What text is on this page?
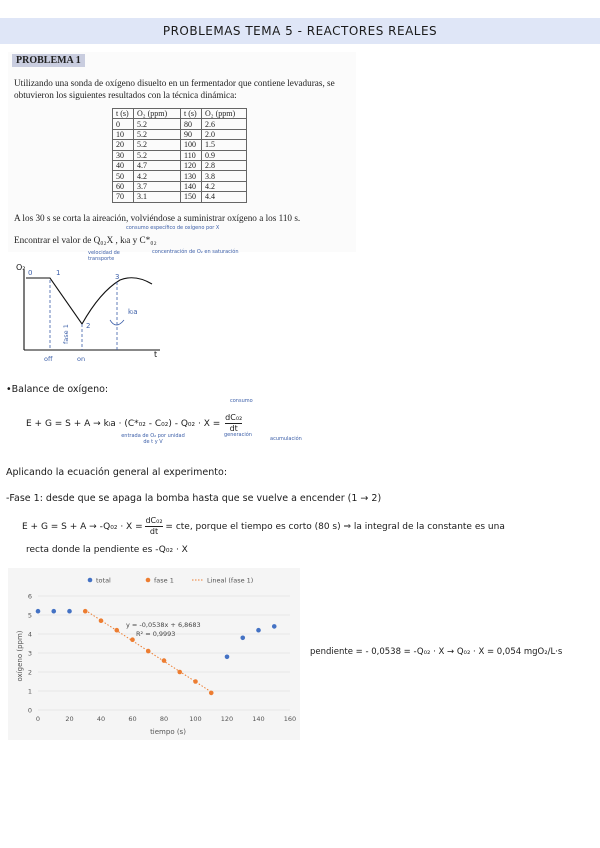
PROBLEMAS TEMA 5 - REACTORES REALES
PROBLEMA 1
Utilizando una sonda de oxígeno disuelto en un fermentador que contiene levaduras, se
obtuvieron los siguientes resultados con la técnica dinámica:
t (s)	O₂ (ppm)	t (s)	O₂ (ppm)
0	5.2	80	2.6
10	5.2	90	2.0
20	5.2	100	1.5
30	5.2	110	0.9
40	4.7	120	2.8
50	4.2	130	3.8
60	3.7	140	4.2
70	3.1	150	4.4
A los 30 s se corta la aireación, volviéndose a suministrar oxígeno a los 110 s.
Encontrar el valor de Q₀₂X , kₗa y C*₀₂
consumo específico de oxígeno por X
velocidad de transporte
concentración de O₂ en saturación
O₂
t
0	1
2
3
fase 1
kₗa
off	on
•Balance de oxígeno:
consumo
$E + G = S + A \to k_la \cdot (C*_{02} - C_{02}) - Q_{02} \cdot X = \frac{\text{dC₀₂}}{dt}$
entrada de O₂ por unidad de t y V
generación
acumulación
Aplicando la ecuación general al experimento:
-Fase 1: desde que se apaga la bomba hasta que se vuelve a encender (1 → 2)
$E + G = S + A \to -Q_{02} \cdot X = \frac{\text{dC₀₂}}{dt}$ = cte, porque el tiempo es corto (80 s) ⇒ la integral de la constante es una
recta donde la pendiente es -Q₀₂ · X
0
1
2
3
4
5
6
0	20	40	60	80	100	120	140	160
total	fase 1	Lineal (fase 1)
y = -0,0538x + 6,8683
R² = 0,9993
tiempo (s)
oxígeno (ppm)	pendiente = - 0,0538 = -Q₀₂ · X → Q₀₂ · X = 0,054 mgO₂/L·s
